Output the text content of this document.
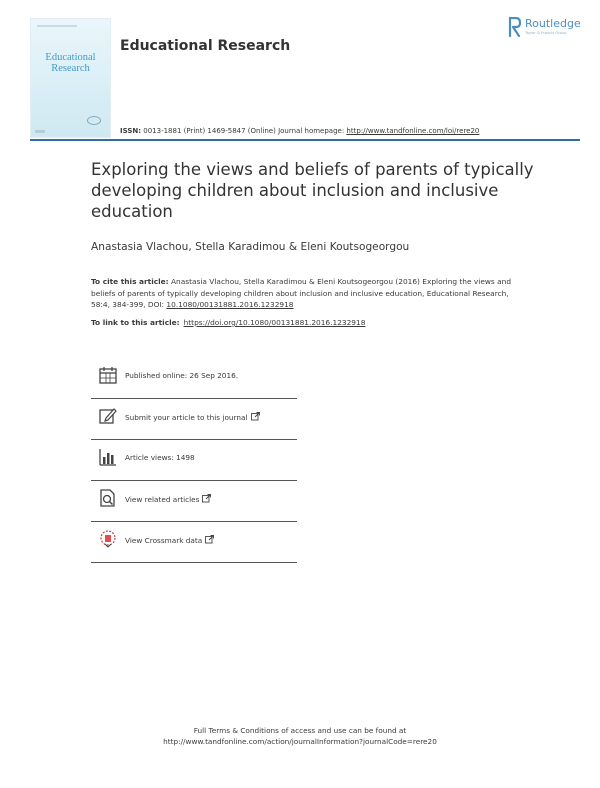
Educational
Research
Educational Research
Routledge
Taylor & Francis Group
ISSN: 0013-1881 (Print) 1469-5847 (Online) Journal homepage: http://www.tandfonline.com/loi/rere20
Exploring the views and beliefs of parents of typically developing children about inclusion and inclusive education
Anastasia Vlachou, Stella Karadimou & Eleni Koutsogeorgou
To cite this article: Anastasia Vlachou, Stella Karadimou & Eleni Koutsogeorgou (2016) Exploring the views and beliefs of parents of typically developing children about inclusion and inclusive education, Educational Research, 58:4, 384-399, DOI: 10.1080/00131881.2016.1232918
To link to this article: https://doi.org/10.1080/00131881.2016.1232918
Published online: 26 Sep 2016.
Submit your article to this journal
Article views: 1498
View related articles
View Crossmark data
Full Terms & Conditions of access and use can be found at
http://www.tandfonline.com/action/journalInformation?journalCode=rere20
